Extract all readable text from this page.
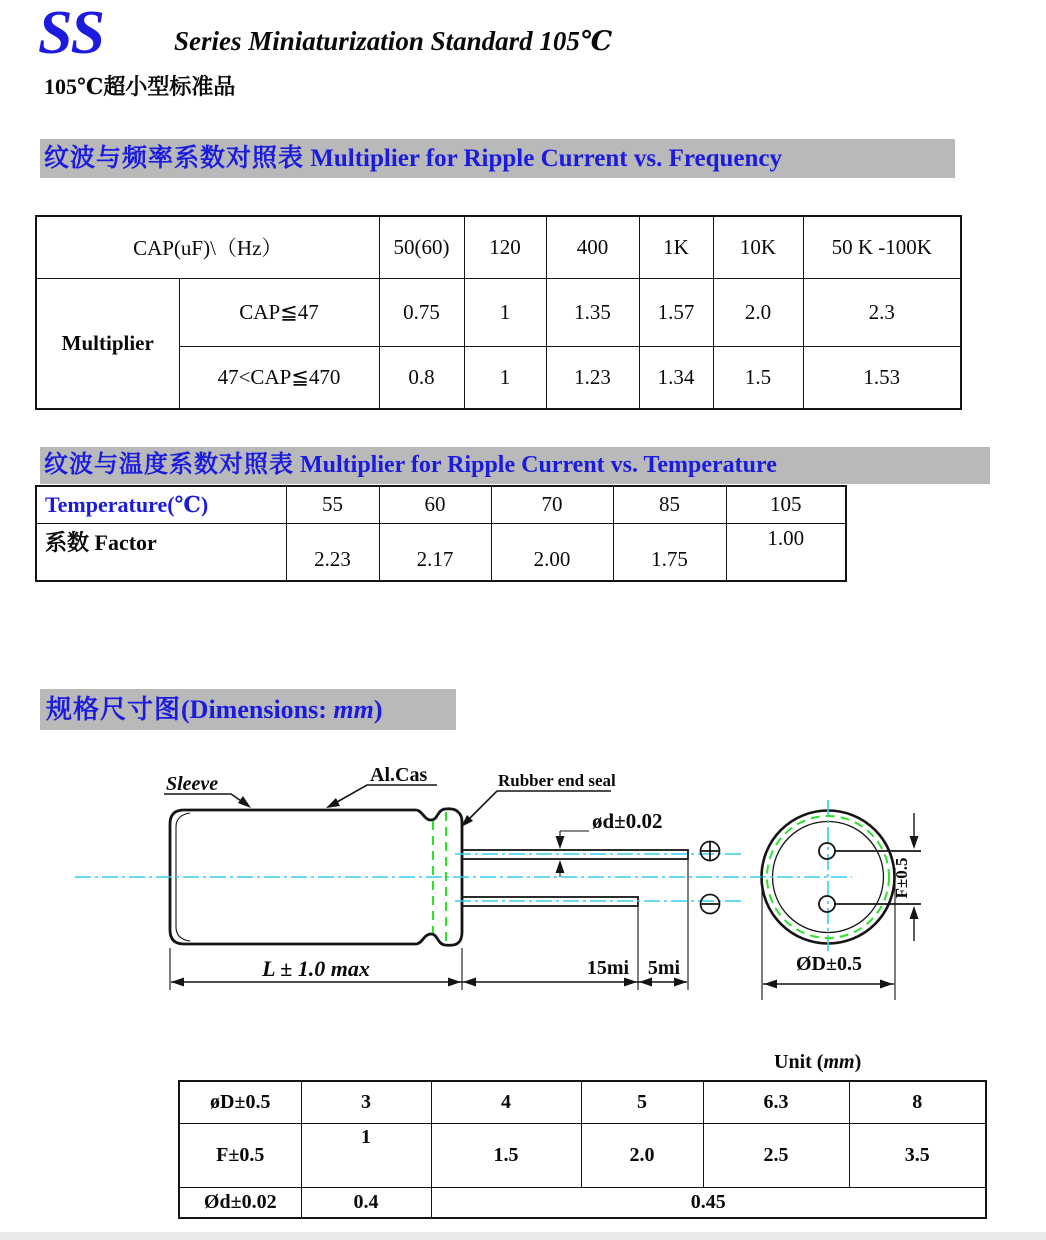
SS	Series Miniaturization Standard 105℃
105℃超小型标准品
纹波与频率系数对照表 Multiplier for Ripple Current vs. Frequency
CAP(uF)\（Hz）		50(60)	120	400	1K	10K	50 K -100K
Multiplier	CAP≦47	0.75	1	1.35	1.57	2.0	2.3
	47<CAP≦470	0.8	1	1.23	1.34	1.5	1.53
纹波与温度系数对照表 Multiplier for Ripple Current vs. Temperature
Temperature(℃)	55	60	70	85	105
系数 Factor	2.23	2.17	2.00	1.75	1.00
规格尺寸图(Dimensions: mm)
Sleeve	Al.Cas	Rubber end seal
ød±0.02
L ± 1.0 max	15mi 5mi	ØD±0.5
F±0.5
Unit (mm)
øD±0.5	3	4	5	6.3	8
F±0.5	1	1.5	2.0	2.5	3.5
Ød±0.02	0.4	0.45			
